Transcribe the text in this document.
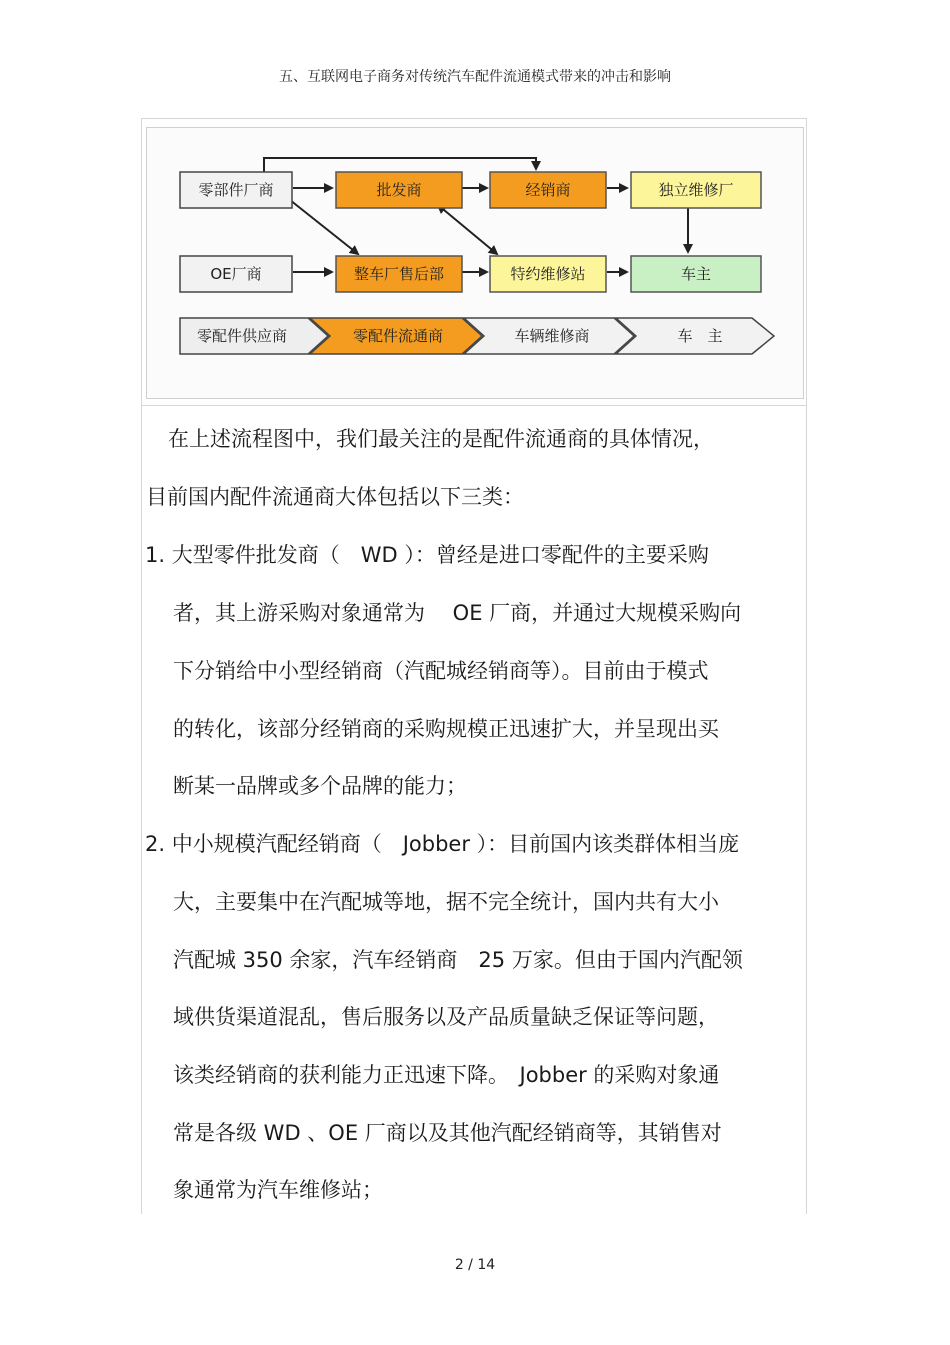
五、互联网电子商务对传统汽车配件流通模式带来的冲击和影响
零部件厂商	批发商	经销商	独立维修厂
OE厂商	整车厂售后部	特约维修站	车主
零配件供应商	零配件流通商	车辆维修商	车　主
在上述流程图中，我们最关注的是配件流通商的具体情况，
目前国内配件流通商大体包括以下三类：
1. 大型零件批发商（　WD ）：曾经是进口零配件的主要采购
者，其上游采购对象通常为　 OE 厂商，并通过大规模采购向
下分销给中小型经销商（汽配城经销商等）。目前由于模式
的转化，该部分经销商的采购规模正迅速扩大，并呈现出买
断某一品牌或多个品牌的能力；
2. 中小规模汽配经销商（　Jobber ）：目前国内该类群体相当庞
大，主要集中在汽配城等地，据不完全统计，国内共有大小
汽配城 350 余家，汽车经销商　25 万家。但由于国内汽配领
域供货渠道混乱，售后服务以及产品质量缺乏保证等问题，
该类经销商的获利能力正迅速下降。　Jobber 的采购对象通
常是各级 WD 、OE 厂商以及其他汽配经销商等，其销售对
象通常为汽车维修站；
2 / 14
